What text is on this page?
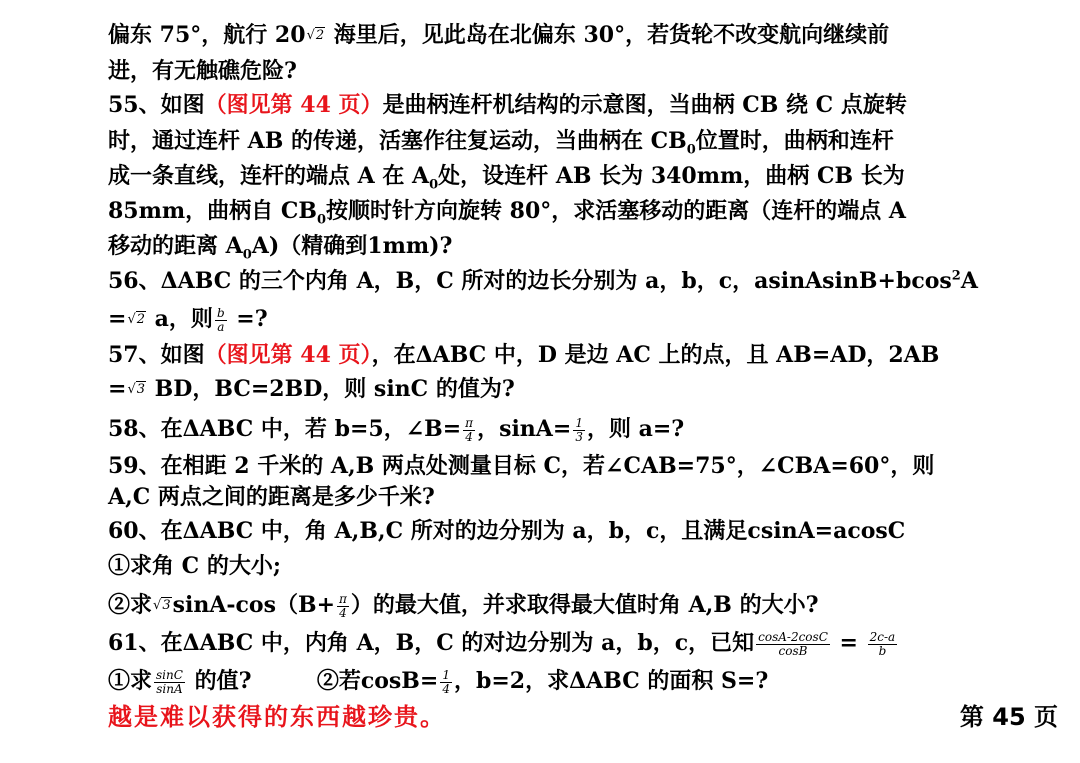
偏东 75°，航行 20√2 海里后，见此岛在北偏东 30°，若货轮不改变航向继续前
进，有无触礁危险?
55、如图（图见第 44 页）是曲柄连杆机结构的示意图，当曲柄 CB 绕 C 点旋转
时，通过连杆 AB 的传递，活塞作往复运动，当曲柄在 $CB_0$位置时，曲柄和连杆
成一条直线，连杆的端点 A 在 $A_0$处，设连杆 AB 长为 340mm，曲柄 CB 长为
85mm，曲柄自 $CB_0$按顺时针方向旋转 80°，求活塞移动的距离（连杆的端点 A
移动的距离 $A_0A$)（精确到1mm)?
56、ΔABC 的三个内角 A，B，C 所对的边长分别为 a，b，c，asinAsinB+bcos$^2$A
=√2 a，则 $\frac{b}{a}$ =?
57、如图（图见第 44 页），在ΔABC 中，D 是边 AC 上的点，且 AB=AD，2AB
=√3 BD，BC=2BD，则 sinC 的值为?
58、在ΔABC 中，若 b=5，∠B= $\frac{\pi}{4}$ ，$\sin A= \frac{1}{3}$ ，则 a=?
59、在相距 2 千米的 A,B 两点处测量目标 C，若∠CAB=75°，∠CBA=60°，则
A,C 两点之间的距离是多少千米?
60、在ΔABC 中，角 A,B,C 所对的边分别为 a，b，c，且满足csinA=acosC
①求角 C 的大小;
②求$√3\sin A-\cos(B+ \frac{\pi}{4}$ ）的最大值，并求取得最大值时角 A,B 的大小?
61、在ΔABC 中，内角 A，B，C 的对边分别为 a，b，c，已知 $\frac{\cos A-2\cos C}{\cos B} = \frac{2c-a}{b}$
①求 $\frac{\sin C}{\sin A}$ 的值?	②若$\cos B= \frac{1}{4}$ ，b=2，求ΔABC 的面积 S=?
越是难以获得的东西越珍贵。	第 45 页
